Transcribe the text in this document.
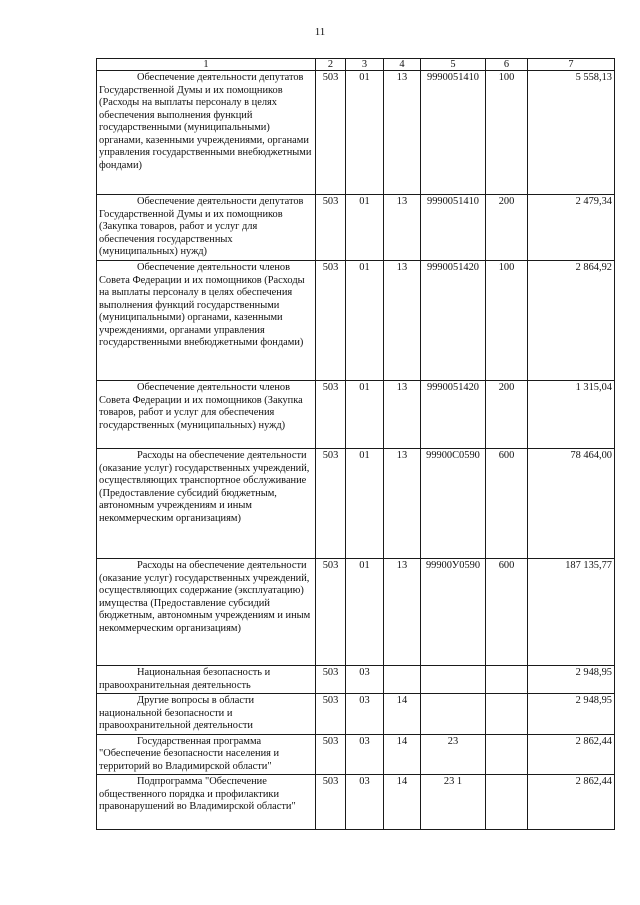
11
1	2	3	4	5	6	7

Обеспечение деятельности депутатов Государственной Думы и их помощников (Расходы на выплаты персоналу в целях обеспечения выполнения функций государственными (муниципальными) органами, казенными учреждениями, органами управления государственными внебюджетными фондами)	503	01	13	9990051410	100	5 558,13

Обеспечение деятельности депутатов Государственной Думы и их помощников (Закупка товаров, работ и услуг для обеспечения государственных (муниципальных) нужд)	503	01	13	9990051410	200	2 479,34

Обеспечение деятельности членов Совета Федерации и их помощников (Расходы на выплаты персоналу в целях обеспечения выполнения функций государственными (муниципальными) органами, казенными учреждениями, органами управления государственными внебюджетными фондами)	503	01	13	9990051420	100	2 864,92

Обеспечение деятельности членов Совета Федерации и их помощников (Закупка товаров, работ и услуг для обеспечения государственных (муниципальных) нужд)	503	01	13	9990051420	200	1 315,04

Расходы на обеспечение деятельности (оказание услуг) государственных учреждений, осуществляющих транспортное обслуживание (Предоставление субсидий бюджетным, автономным учреждениям и иным некоммерческим организациям)	503	01	13	99900С0590	600	78 464,00

Расходы на обеспечение деятельности (оказание услуг) государственных учреждений, осуществляющих содержание (эксплуатацию) имущества (Предоставление субсидий бюджетным, автономным учреждениям и иным некоммерческим организациям)	503	01	13	99900У0590	600	187 135,77

Национальная безопасность и правоохранительная деятельность	503	03				2 948,95

Другие вопросы в области национальной безопасности и правоохранительной деятельности	503	03	14			2 948,95

Государственная программа "Обеспечение безопасности населения и территорий во Владимирской области"	503	03	14	23		2 862,44

Подпрограмма "Обеспечение общественного порядка и профилактики правонарушений во Владимирской области"	503	03	14	23 1		2 862,44
